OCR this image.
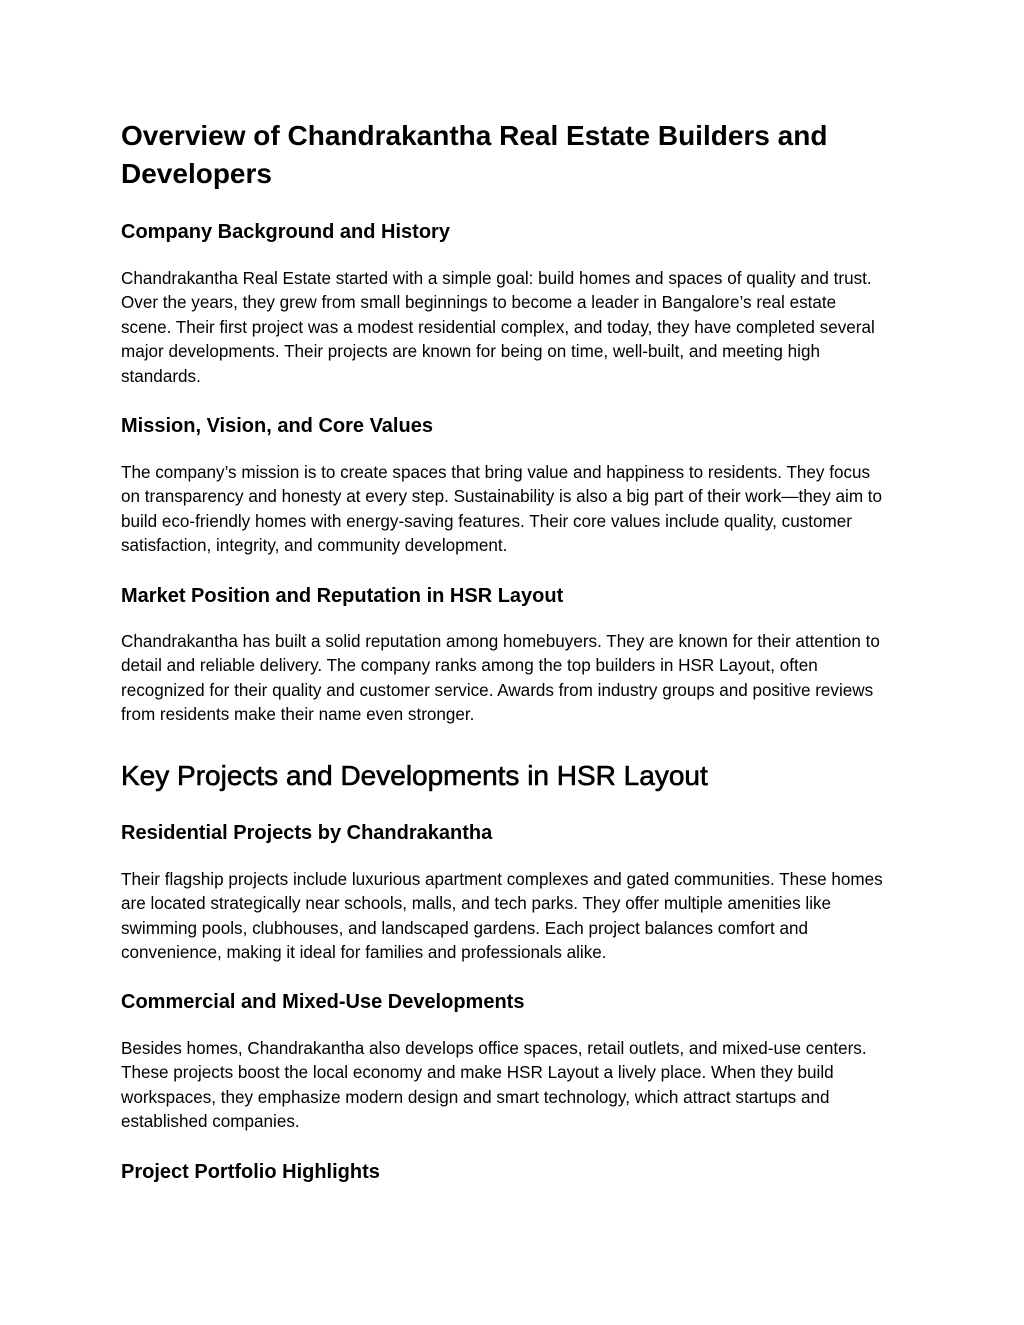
Overview of Chandrakantha Real Estate Builders and Developers
Company Background and History

Chandrakantha Real Estate started with a simple goal: build homes and spaces of quality and trust. Over the years, they grew from small beginnings to become a leader in Bangalore’s real estate scene. Their first project was a modest residential complex, and today, they have completed several major developments. Their projects are known for being on time, well-built, and meeting high standards.

Mission, Vision, and Core Values

The company’s mission is to create spaces that bring value and happiness to residents. They focus on transparency and honesty at every step. Sustainability is also a big part of their work—they aim to build eco-friendly homes with energy-saving features. Their core values include quality, customer satisfaction, integrity, and community development.

Market Position and Reputation in HSR Layout

Chandrakantha has built a solid reputation among homebuyers. They are known for their attention to detail and reliable delivery. The company ranks among the top builders in HSR Layout, often recognized for their quality and customer service. Awards from industry groups and positive reviews from residents make their name even stronger.

Key Projects and Developments in HSR Layout
Residential Projects by Chandrakantha

Their flagship projects include luxurious apartment complexes and gated communities. These homes are located strategically near schools, malls, and tech parks. They offer multiple amenities like swimming pools, clubhouses, and landscaped gardens. Each project balances comfort and convenience, making it ideal for families and professionals alike.

Commercial and Mixed-Use Developments

Besides homes, Chandrakantha also develops office spaces, retail outlets, and mixed-use centers. These projects boost the local economy and make HSR Layout a lively place. When they build workspaces, they emphasize modern design and smart technology, which attract startups and established companies.

Project Portfolio Highlights
